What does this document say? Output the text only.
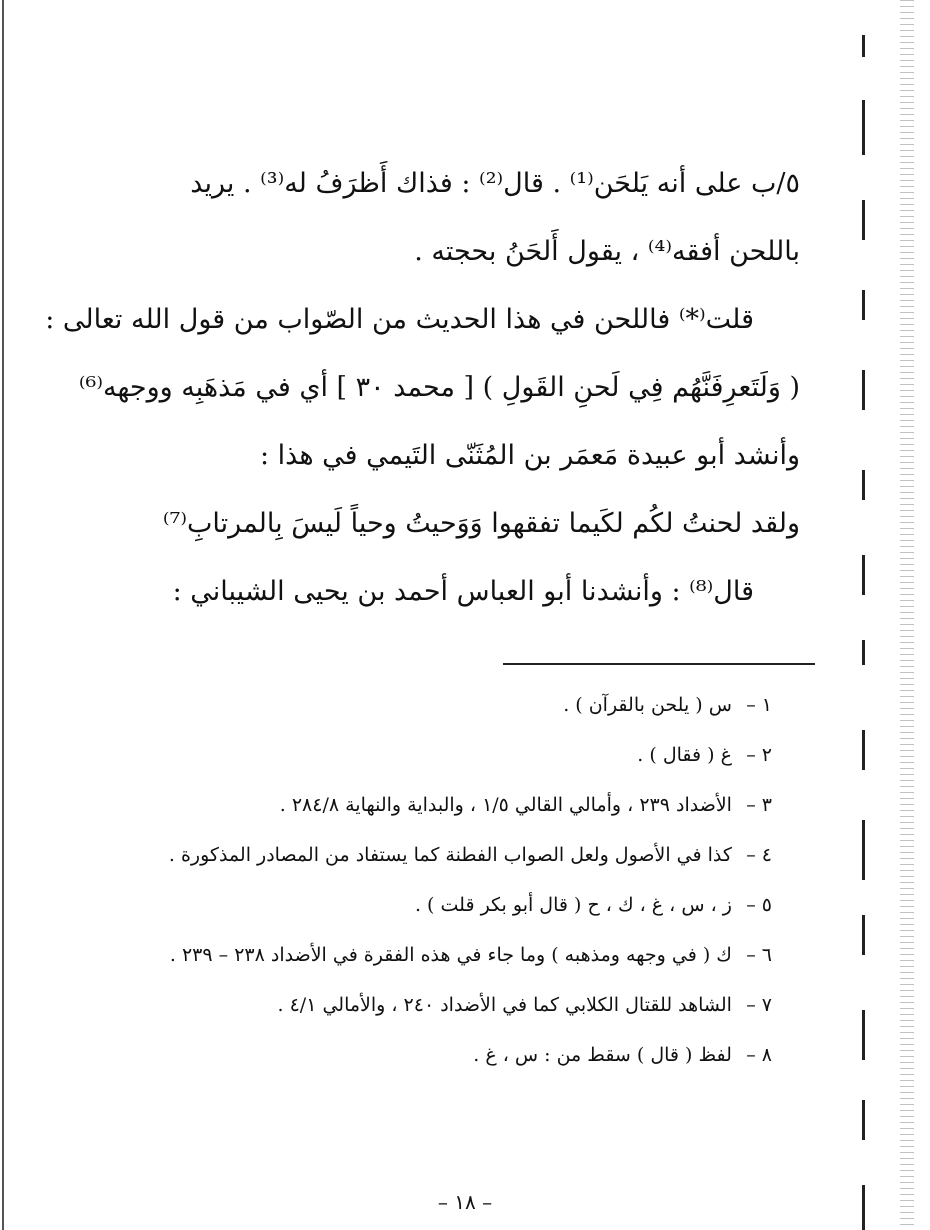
٥/ب على أنه يَلحَن⁽¹⁾ . قال⁽²⁾ : فذاك أَظرَفُ له⁽³⁾ . يريد

باللحن أفقه⁽⁴⁾ ، يقول أَلحَنُ بحجته .

قلت⁽*⁾ فاللحن في هذا الحديث من الصّواب من قول الله تعالى :

( وَلَتَعرِفَنَّهُم فِي لَحنِ القَولِ ) [ محمد ٣٠ ] أي في مَذهَبِه ووجهه⁽⁶⁾

وأنشد أبو عبيدة مَعمَر بن المُثَنّى التَيمي في هذا :

ولقد لحنتُ لكُم لكَيما تفقهوا وَوَحيتُ وحياً لَيسَ بِالمرتابِ⁽⁷⁾

قال⁽⁸⁾ : وأنشدنا أبو العباس أحمد بن يحيى الشيباني :

١ – س ( يلحن بالقرآن ) .
٢ – غ ( فقال ) .
٣ – الأضداد ٢٣٩ ، وأمالي القالي ١/٥ ، والبداية والنهاية ٢٨٤/٨ .
٤ – كذا في الأصول ولعل الصواب الفطنة كما يستفاد من المصادر المذكورة .
٥ – ز ، س ، غ ، ك ، ح ( قال أبو بكر قلت ) .
٦ – ك ( في وجهه ومذهبه ) وما جاء في هذه الفقرة في الأضداد ٢٣٨ – ٢٣٩ .
٧ – الشاهد للقتال الكلابي كما في الأضداد ٢٤٠ ، والأمالي ٤/١ .
٨ – لفظ ( قال ) سقط من : س ، غ .
– ١٨ –
